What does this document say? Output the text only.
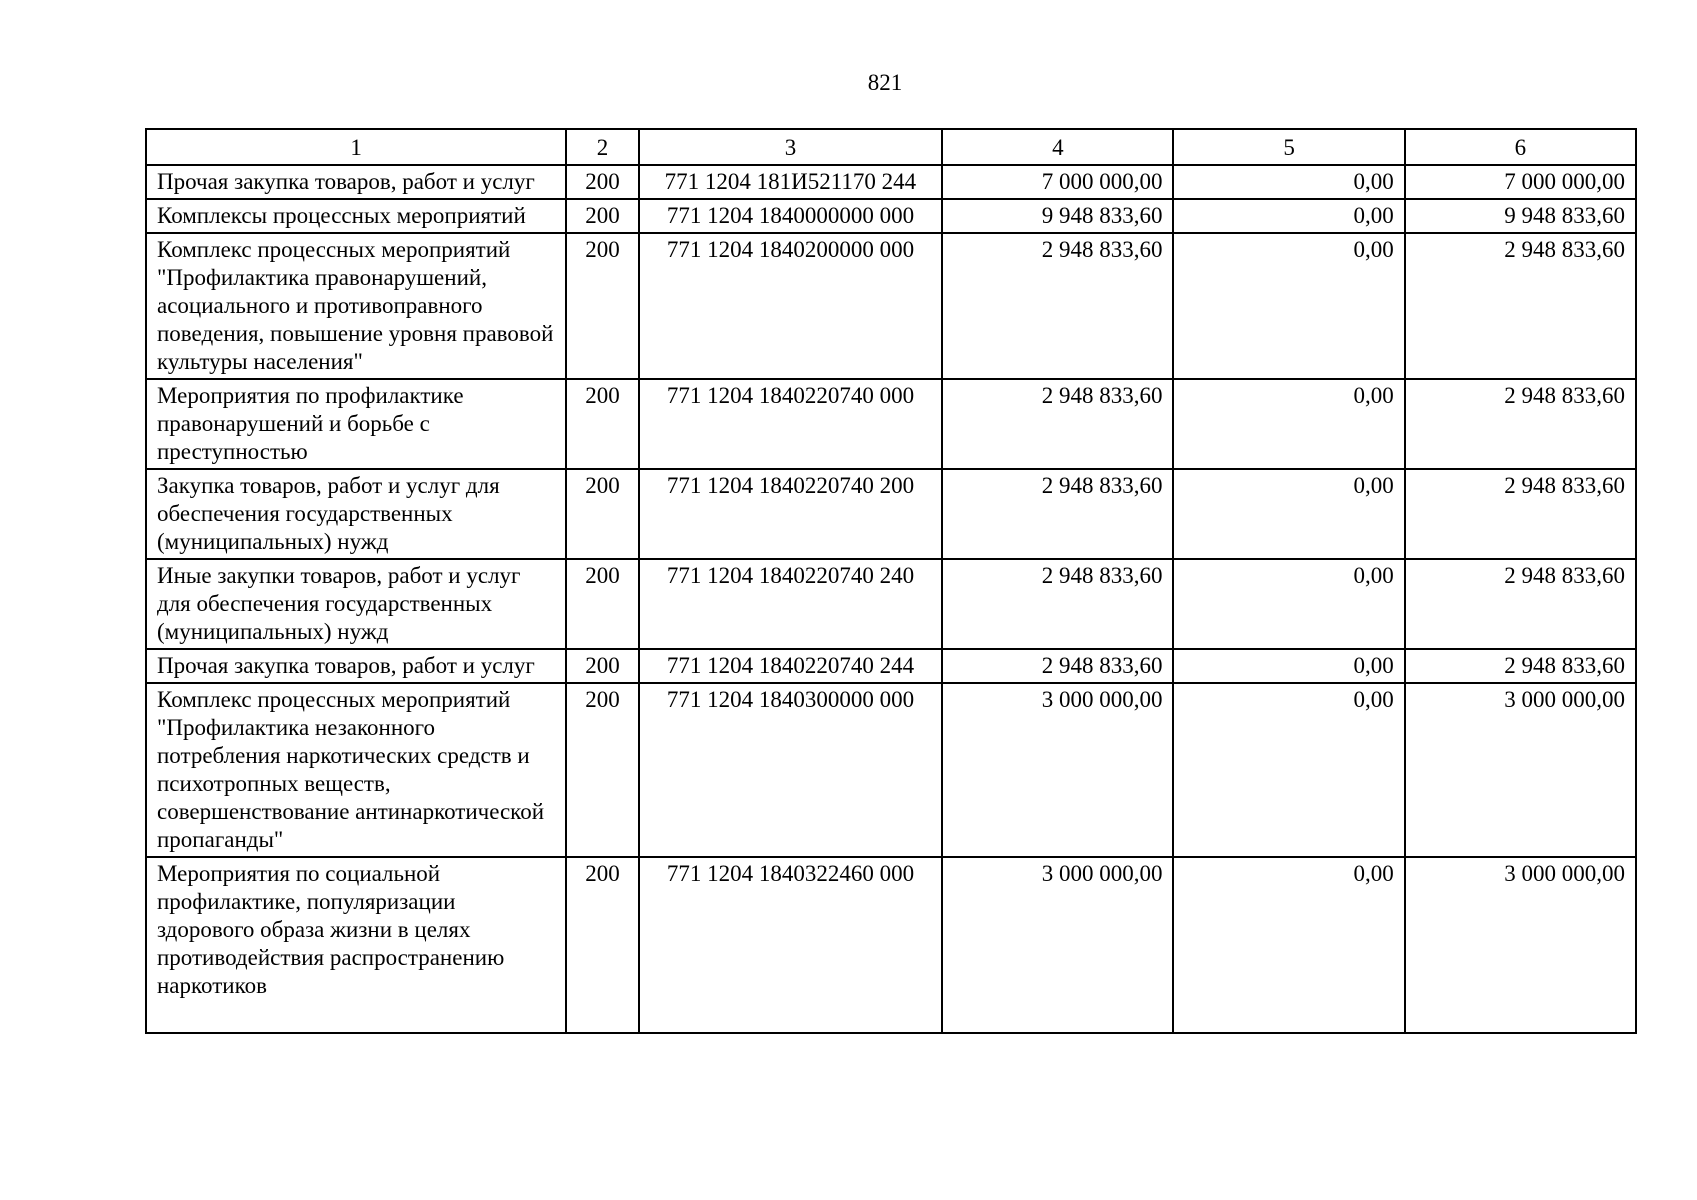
821
1	2	3	4	5	6
Прочая закупка товаров, работ и услуг	200	771 1204 181И521170 244	7 000 000,00	0,00	7 000 000,00
Комплексы процессных мероприятий	200	771 1204 1840000000 000	9 948 833,60	0,00	9 948 833,60
Комплекс процессных мероприятий "Профилактика правонарушений, асоциального и противоправного поведения, повышение уровня правовой культуры населения"	200	771 1204 1840200000 000	2 948 833,60	0,00	2 948 833,60
Мероприятия по профилактике правонарушений и борьбе с преступностью	200	771 1204 1840220740 000	2 948 833,60	0,00	2 948 833,60
Закупка товаров, работ и услуг для обеспечения государственных (муниципальных) нужд	200	771 1204 1840220740 200	2 948 833,60	0,00	2 948 833,60
Иные закупки товаров, работ и услуг для обеспечения государственных (муниципальных) нужд	200	771 1204 1840220740 240	2 948 833,60	0,00	2 948 833,60
Прочая закупка товаров, работ и услуг	200	771 1204 1840220740 244	2 948 833,60	0,00	2 948 833,60
Комплекс процессных мероприятий "Профилактика незаконного потребления наркотических средств и психотропных веществ, совершенствование антинаркотической пропаганды"	200	771 1204 1840300000 000	3 000 000,00	0,00	3 000 000,00
Мероприятия по социальной профилактике, популяризации здорового образа жизни в целях противодействия распространению наркотиков	200	771 1204 1840322460 000	3 000 000,00	0,00	3 000 000,00
